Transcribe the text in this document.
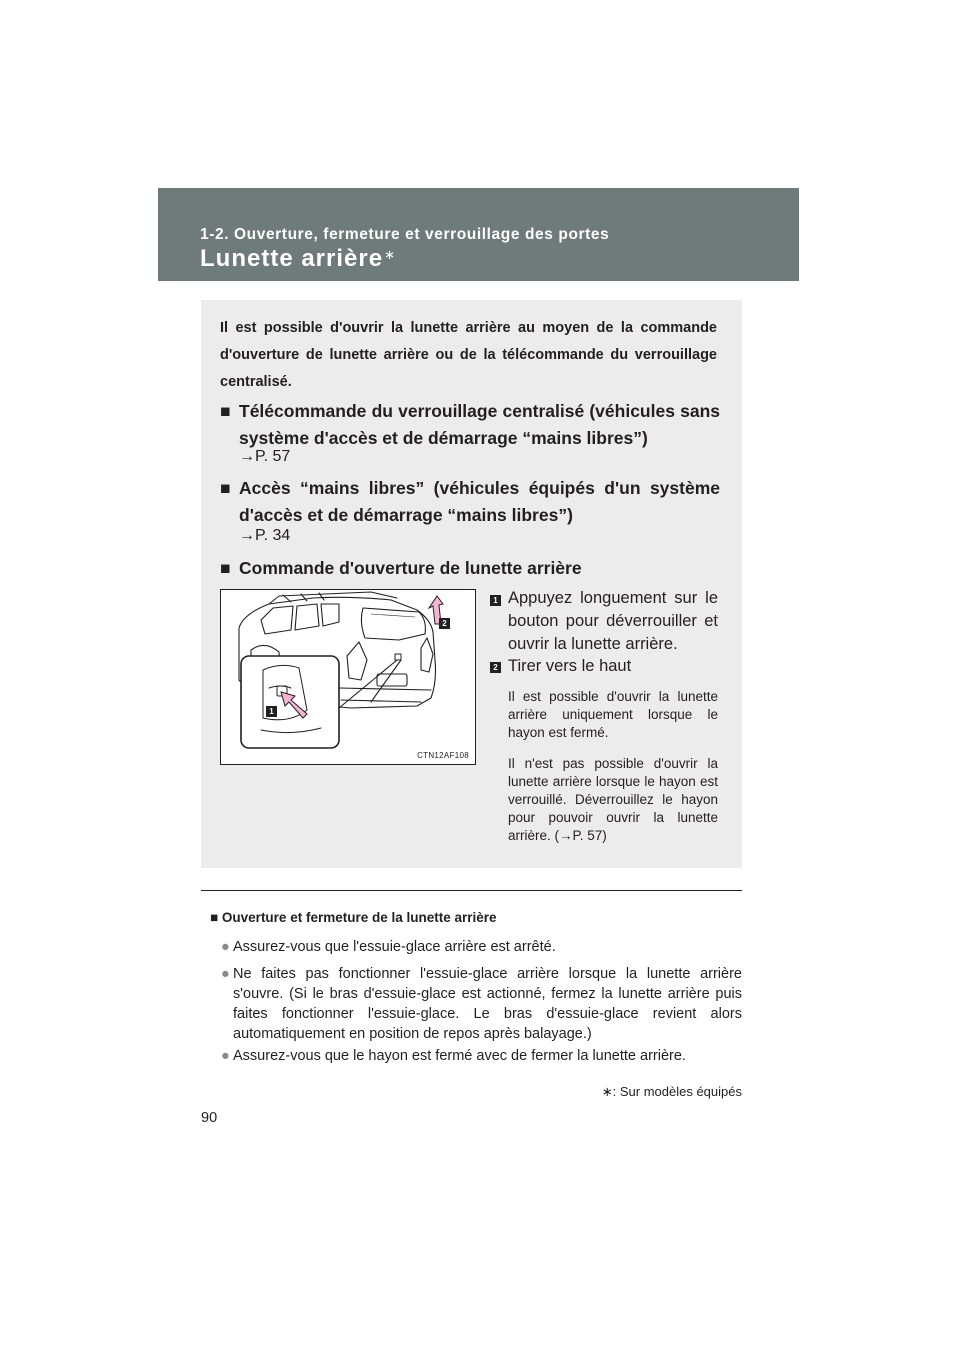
1-2. Ouverture, fermeture et verrouillage des portes
Lunette arrière∗
Il est possible d'ouvrir la lunette arrière au moyen de la commande d'ouverture de lunette arrière ou de la télécommande du verrouillage centralisé.
■ Télécommande du verrouillage centralisé (véhicules sans système d'accès et de démarrage “mains libres”)
→P. 57
■ Accès “mains libres” (véhicules équipés d'un système d'accès et de démarrage “mains libres”)
→P. 34
■ Commande d'ouverture de lunette arrière
1
2
CTN12AF108
1 Appuyez longuement sur le bouton pour déverrouiller et ouvrir la lunette arrière.
2 Tirer vers le haut
Il est possible d'ouvrir la lunette arrière uniquement lorsque le hayon est fermé.
Il n'est pas possible d'ouvrir la lunette arrière lorsque le hayon est verrouillé. Déverrouillez le hayon pour pouvoir ouvrir la lunette arrière. (→P. 57)
■ Ouverture et fermeture de la lunette arrière
● Assurez-vous que l'essuie-glace arrière est arrêté.
● Ne faites pas fonctionner l'essuie-glace arrière lorsque la lunette arrière s'ouvre. (Si le bras d'essuie-glace est actionné, fermez la lunette arrière puis faites fonctionner l'essuie-glace. Le bras d'essuie-glace revient alors automatiquement en position de repos après balayage.)
● Assurez-vous que le hayon est fermé avec de fermer la lunette arrière.
∗: Sur modèles équipés
90
